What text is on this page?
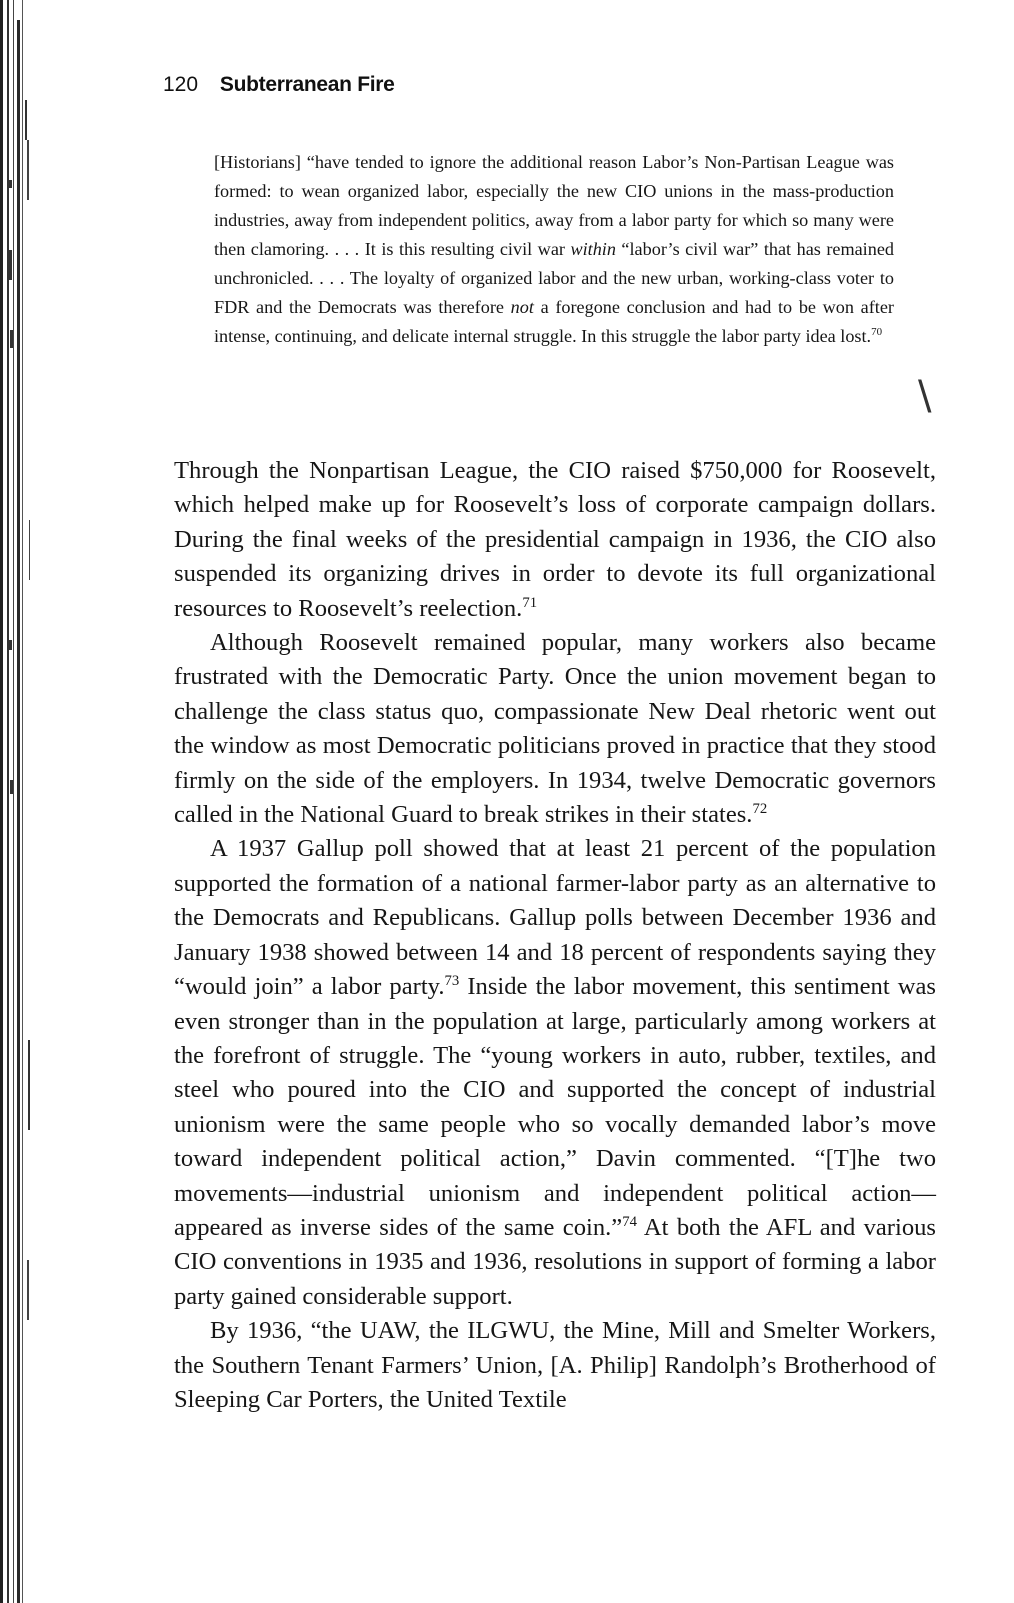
120 Subterranean Fire

[Historians] “have tended to ignore the additional reason Labor’s Non-Partisan League was formed: to wean organized labor, especially the new CIO unions in the mass-production industries, away from independent politics, away from a labor party for which so many were then clamoring. . . . It is this resulting civil war within “labor’s civil war” that has remained unchronicled. . . . The loyalty of organized labor and the new urban, working-class voter to FDR and the Democrats was therefore not a foregone conclusion and had to be won after intense, continuing, and delicate internal struggle. In this struggle the labor party idea lost.$^{70}$

\

Through the Nonpartisan League, the CIO raised $750,000 for Roosevelt, which helped make up for Roosevelt’s loss of corporate campaign dollars. During the final weeks of the presidential campaign in 1936, the CIO also suspended its organizing drives in order to devote its full organizational resources to Roosevelt’s reelection.$^{71}$

Although Roosevelt remained popular, many workers also became frustrated with the Democratic Party. Once the union movement began to challenge the class status quo, compassionate New Deal rhetoric went out the window as most Democratic politicians proved in practice that they stood firmly on the side of the employers. In 1934, twelve Democratic governors called in the National Guard to break strikes in their states.$^{72}$

A 1937 Gallup poll showed that at least 21 percent of the population supported the formation of a national farmer-labor party as an alternative to the Democrats and Republicans. Gallup polls between December 1936 and January 1938 showed between 14 and 18 percent of respondents saying they “would join” a labor party.$^{73}$ Inside the labor movement, this sentiment was even stronger than in the population at large, particularly among workers at the forefront of struggle. The “young workers in auto, rubber, textiles, and steel who poured into the CIO and supported the concept of industrial unionism were the same people who so vocally demanded labor’s move toward independent political action,” Davin commented. “[T]he two movements—industrial unionism and independent political action—appeared as inverse sides of the same coin.”$^{74}$ At both the AFL and various CIO conventions in 1935 and 1936, resolutions in support of forming a labor party gained considerable support.

By 1936, “the UAW, the ILGWU, the Mine, Mill and Smelter Workers, the Southern Tenant Farmers’ Union, [A. Philip] Randolph’s Brotherhood of Sleeping Car Porters, the United Textile
